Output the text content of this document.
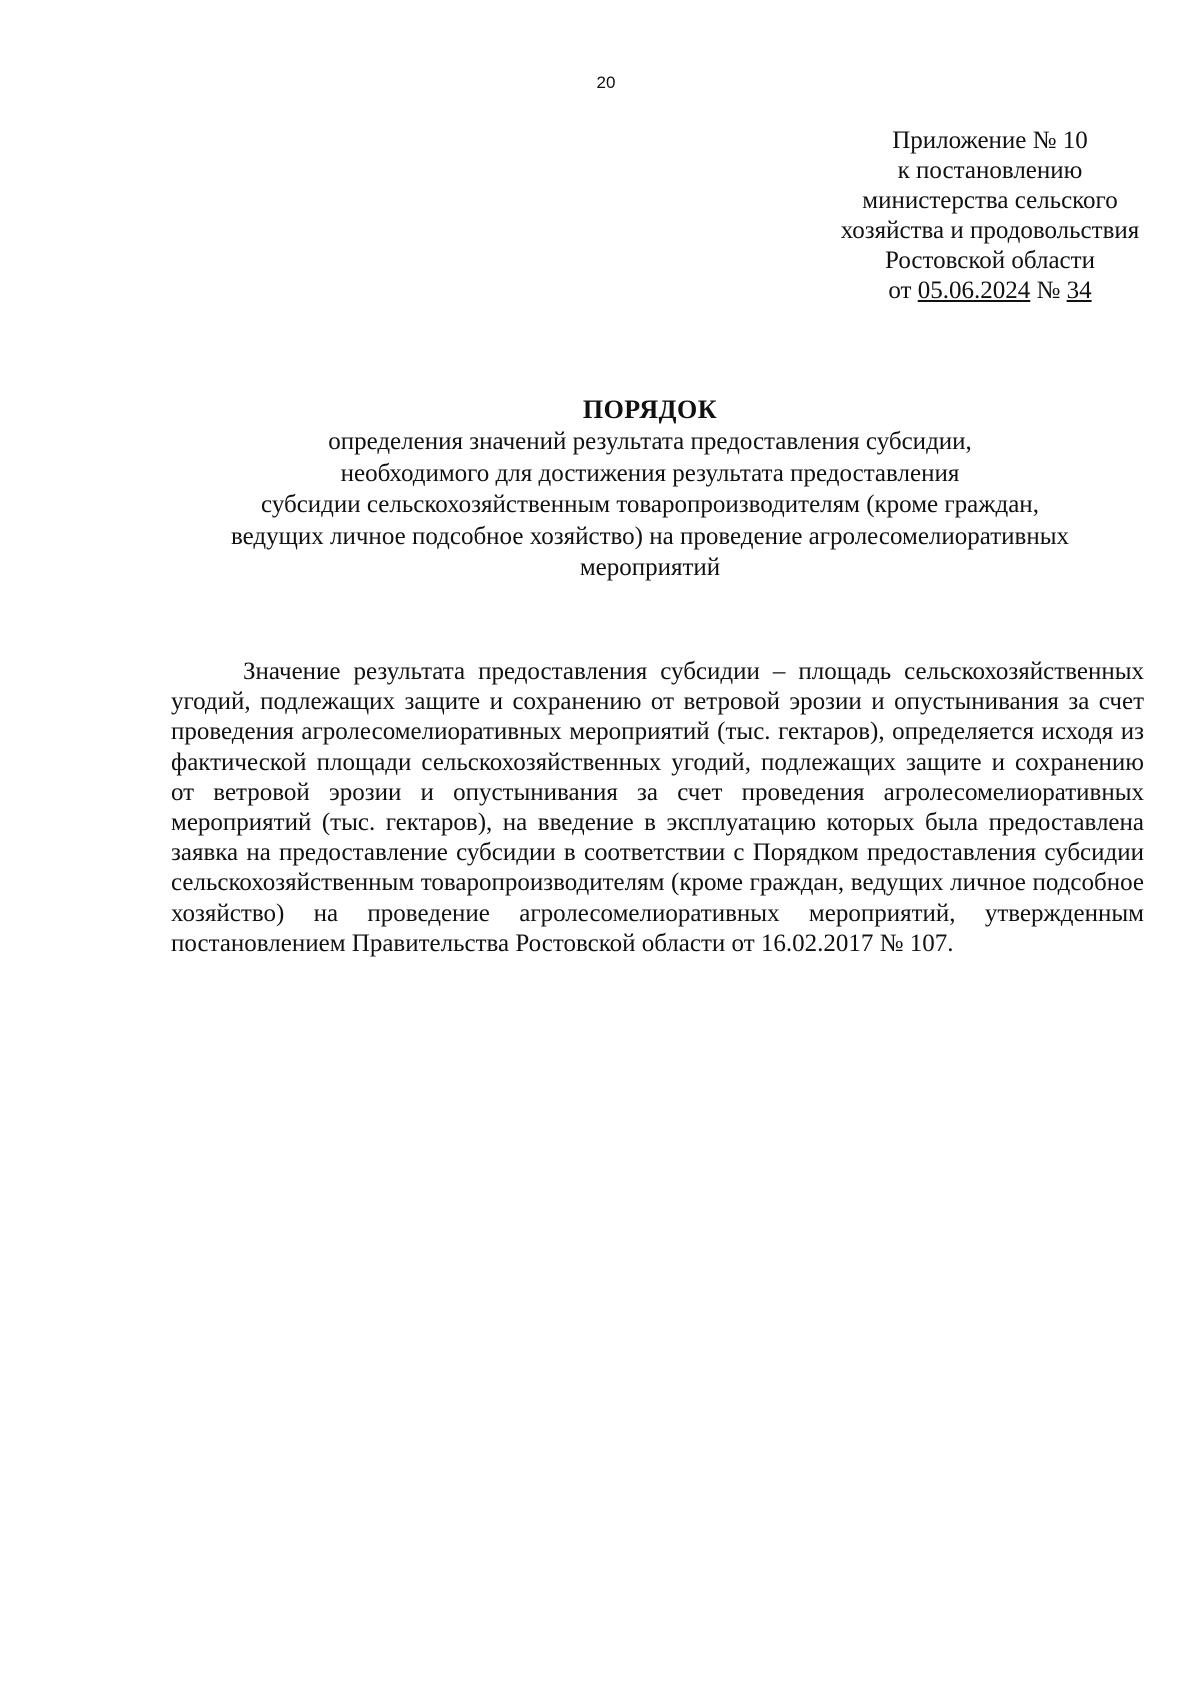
20
Приложение № 10
к постановлению
министерства сельского
хозяйства и продовольствия
Ростовской области
от 05.06.2024 № 34
ПОРЯДОК
определения значений результата предоставления субсидии,
необходимого для достижения результата предоставления
субсидии сельскохозяйственным товаропроизводителям (кроме граждан,
ведущих личное подсобное хозяйство) на проведение агролесомелиоративных
мероприятий

Значение результата предоставления субсидии – площадь сельскохозяйственных угодий, подлежащих защите и сохранению от ветровой эрозии и опустынивания за счет проведения агролесомелиоративных мероприятий (тыс. гектаров), определяется исходя из фактической площади сельскохозяйственных угодий, подлежащих защите и сохранению от ветровой эрозии и опустынивания за счет проведения агролесомелиоративных мероприятий (тыс. гектаров), на введение в эксплуатацию которых была предоставлена заявка на предоставление субсидии в соответствии с Порядком предоставления субсидии сельскохозяйственным товаропроизводителям (кроме граждан, ведущих личное подсобное хозяйство) на проведение агролесомелиоративных мероприятий, утвержденным постановлением Правительства Ростовской области от 16.02.2017 № 107.
